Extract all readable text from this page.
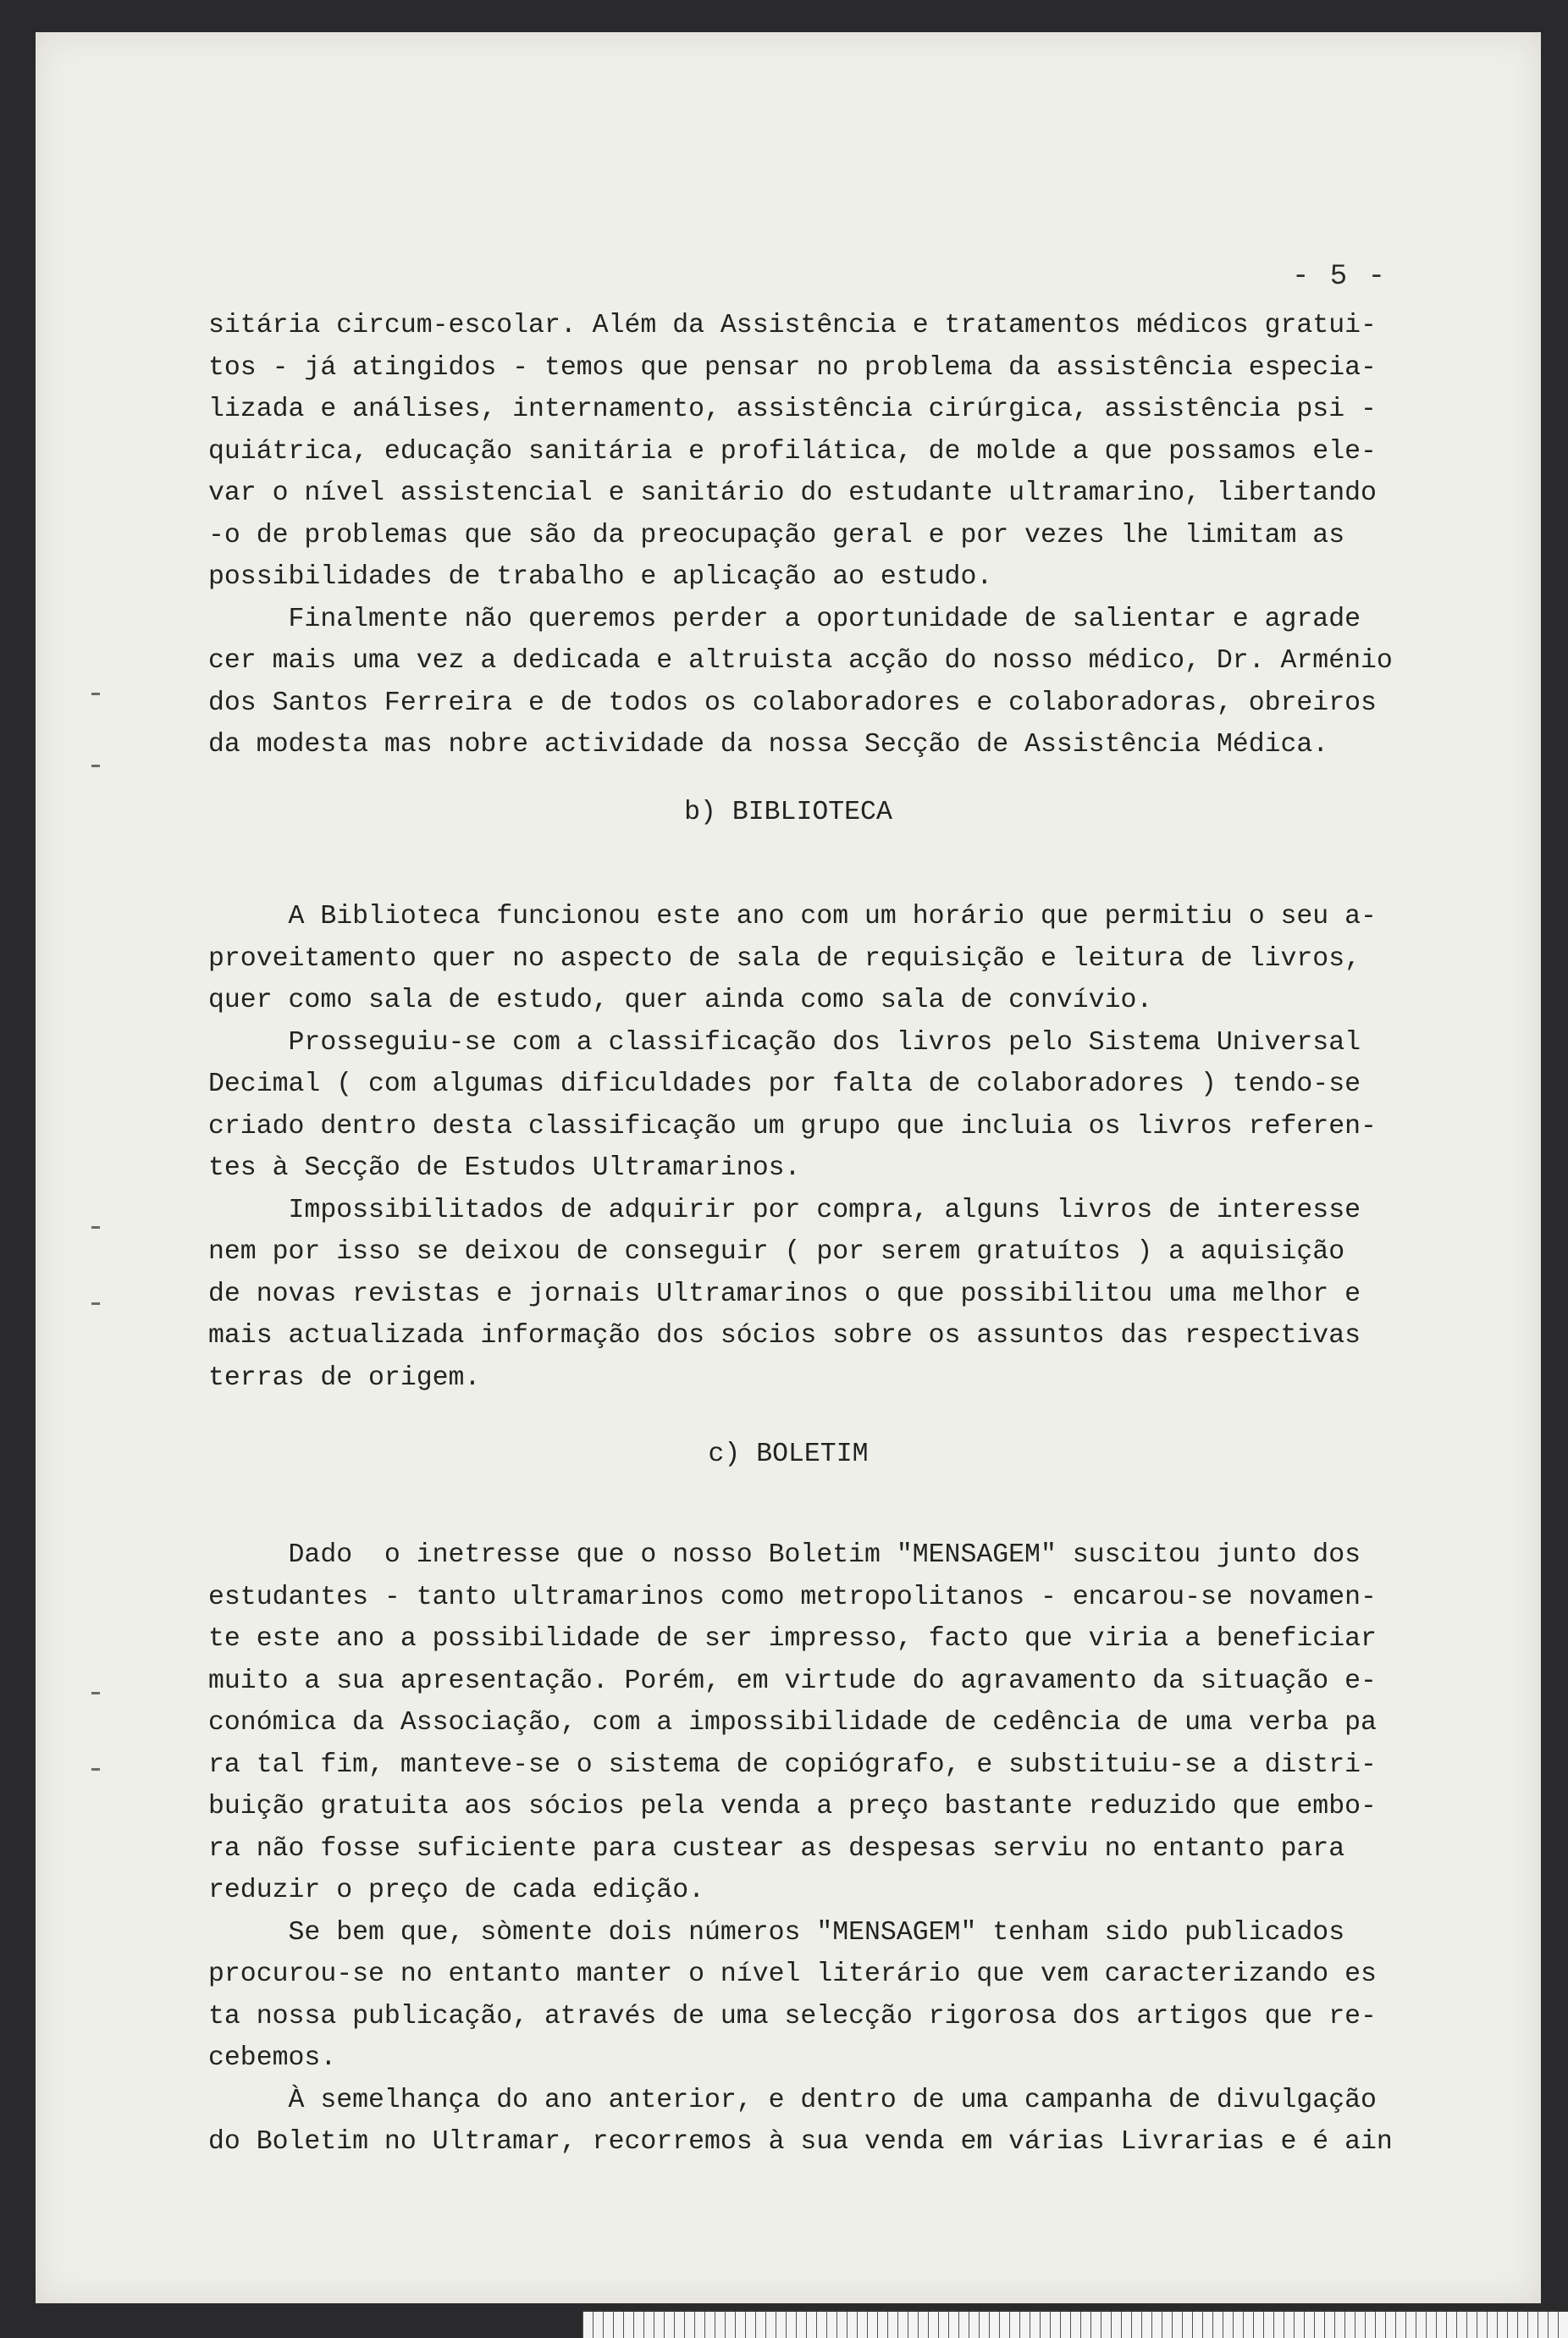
- 5 -
sitária circum-escolar. Além da Assistência e tratamentos médicos gratui-
tos - já atingidos - temos que pensar no problema da assistência especia-
lizada e análises, internamento, assistência cirúrgica, assistência psi -
quiátrica, educação sanitária e profilática, de molde a que possamos ele-
var o nível assistencial e sanitário do estudante ultramarino, libertando
-o de problemas que são da preocupação geral e por vezes lhe limitam as
possibilidades de trabalho e aplicação ao estudo.
Finalmente não queremos perder a oportunidade de salientar e agrade
cer mais uma vez a dedicada e altruista acção do nosso médico, Dr. Arménio
dos Santos Ferreira e de todos os colaboradores e colaboradoras, obreiros
da modesta mas nobre actividade da nossa Secção de Assistência Médica.
b) BIBLIOTECA
A Biblioteca funcionou este ano com um horário que permitiu o seu a-
proveitamento quer no aspecto de sala de requisição e leitura de livros,
quer como sala de estudo, quer ainda como sala de convívio.
Prosseguiu-se com a classificação dos livros pelo Sistema Universal
Decimal ( com algumas dificuldades por falta de colaboradores ) tendo-se
criado dentro desta classificação um grupo que incluia os livros referen-
tes à Secção de Estudos Ultramarinos.
Impossibilitados de adquirir por compra, alguns livros de interesse
nem por isso se deixou de conseguir ( por serem gratuítos ) a aquisição
de novas revistas e jornais Ultramarinos o que possibilitou uma melhor e
mais actualizada informação dos sócios sobre os assuntos das respectivas
terras de origem.
c) BOLETIM
Dado  o inetresse que o nosso Boletim "MENSAGEM" suscitou junto dos
estudantes - tanto ultramarinos como metropolitanos - encarou-se novamen-
te este ano a possibilidade de ser impresso, facto que viria a beneficiar
muito a sua apresentação. Porém, em virtude do agravamento da situação e-
conómica da Associação, com a impossibilidade de cedência de uma verba pa
ra tal fim, manteve-se o sistema de copiógrafo, e substituiu-se a distri-
buição gratuita aos sócios pela venda a preço bastante reduzido que embo-
ra não fosse suficiente para custear as despesas serviu no entanto para
reduzir o preço de cada edição.
Se bem que, sòmente dois números "MENSAGEM" tenham sido publicados
procurou-se no entanto manter o nível literário que vem caracterizando es
ta nossa publicação, através de uma selecção rigorosa dos artigos que re-
cebemos.
À semelhança do ano anterior, e dentro de uma campanha de divulgação
do Boletim no Ultramar, recorremos à sua venda em várias Livrarias e é ain
